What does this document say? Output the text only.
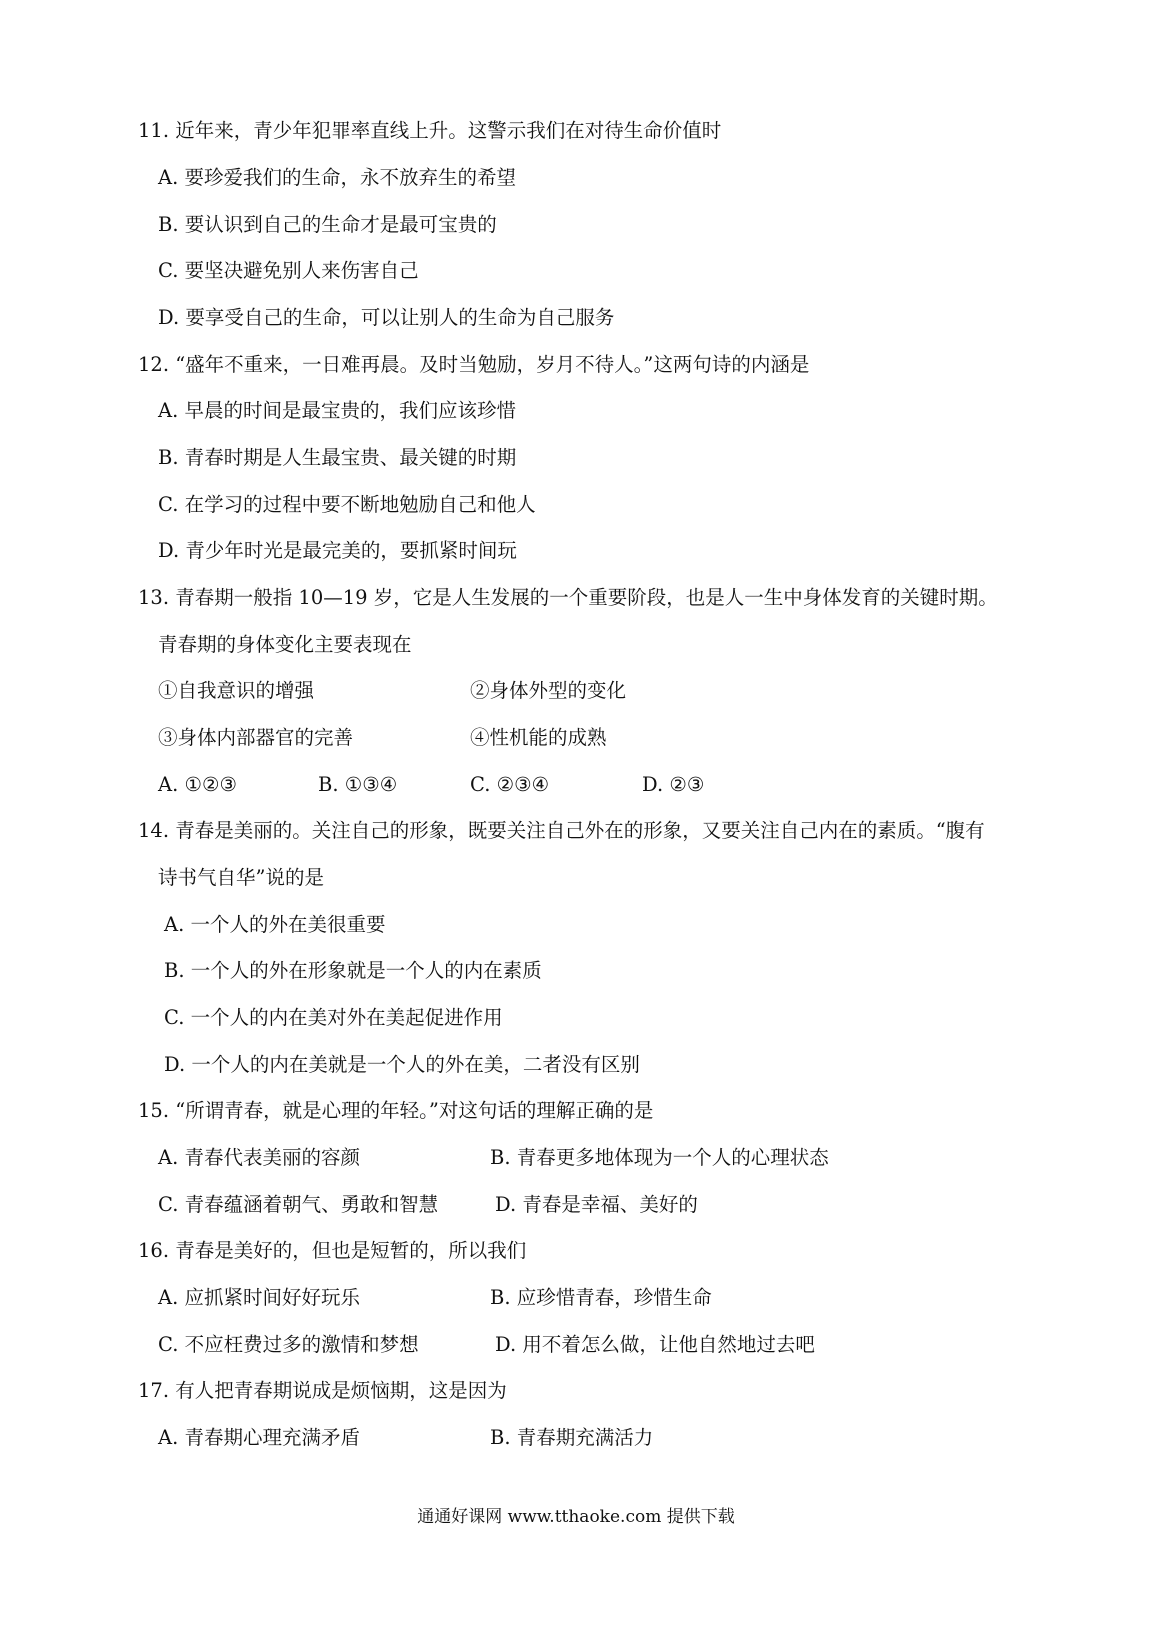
11. 近年来，青少年犯罪率直线上升。这警示我们在对待生命价值时
A. 要珍爱我们的生命，永不放弃生的希望
B. 要认识到自己的生命才是最可宝贵的
C. 要坚决避免别人来伤害自己
D. 要享受自己的生命，可以让别人的生命为自己服务
12. “盛年不重来，一日难再晨。及时当勉励，岁月不待人。”这两句诗的内涵是
A. 早晨的时间是最宝贵的，我们应该珍惜
B. 青春时期是人生最宝贵、最关键的时期
C. 在学习的过程中要不断地勉励自己和他人
D. 青少年时光是最完美的，要抓紧时间玩
13. 青春期一般指 10—19 岁，它是人生发展的一个重要阶段，也是人一生中身体发育的关键时期。
青春期的身体变化主要表现在
①自我意识的增强	②身体外型的变化
③身体内部器官的完善	④性机能的成熟
A. ①②③	B. ①③④	C. ②③④	D. ②③
14. 青春是美丽的。关注自己的形象，既要关注自己外在的形象，又要关注自己内在的素质。“腹有
诗书气自华”说的是
A. 一个人的外在美很重要
B. 一个人的外在形象就是一个人的内在素质
C. 一个人的内在美对外在美起促进作用
D. 一个人的内在美就是一个人的外在美，二者没有区别
15. “所谓青春，就是心理的年轻。”对这句话的理解正确的是
A. 青春代表美丽的容颜	B. 青春更多地体现为一个人的心理状态
C. 青春蕴涵着朝气、勇敢和智慧	D. 青春是幸福、美好的
16. 青春是美好的，但也是短暂的，所以我们
A. 应抓紧时间好好玩乐	B. 应珍惜青春，珍惜生命
C. 不应枉费过多的激情和梦想	D. 用不着怎么做，让他自然地过去吧
17. 有人把青春期说成是烦恼期，这是因为
A. 青春期心理充满矛盾	B. 青春期充满活力
通通好课网 www.tthaoke.com 提供下载
